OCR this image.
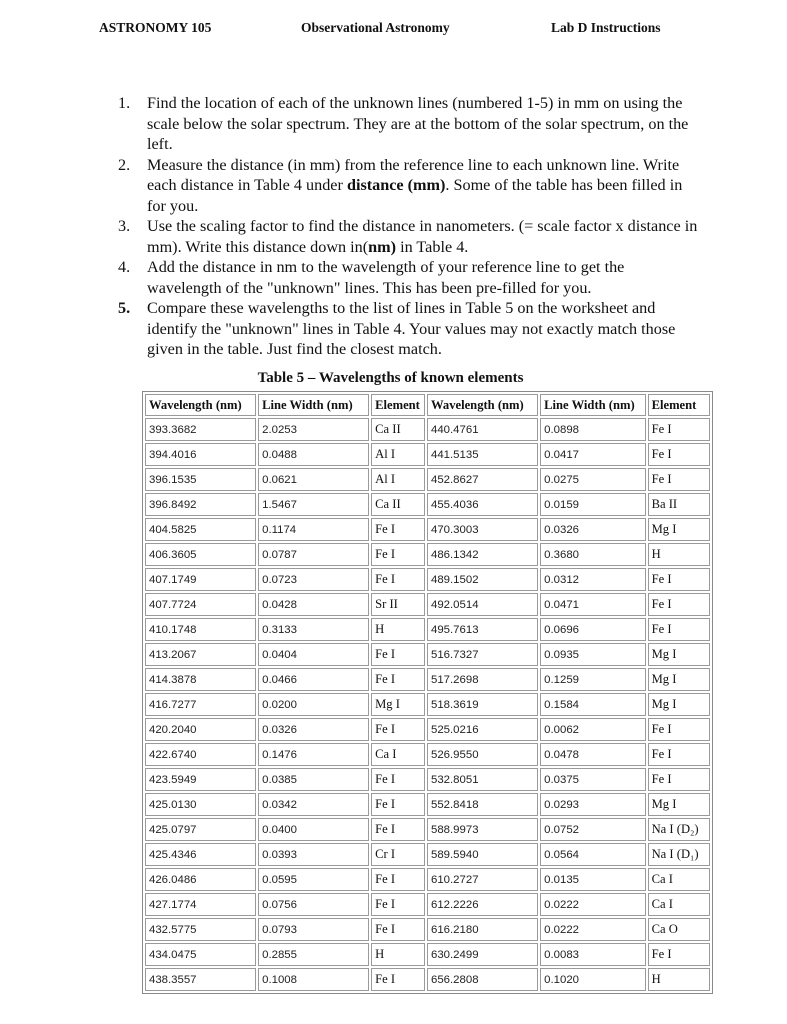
ASTRONOMY 105	Observational Astronomy	Lab D Instructions
1. Find the location of each of the unknown lines (numbered 1-5) in mm on using the scale below the solar spectrum. They are at the bottom of the solar spectrum, on the left.
2. Measure the distance (in mm) from the reference line to each unknown line. Write each distance in Table 4 under distance (mm). Some of the table has been filled in for you.
3. Use the scaling factor to find the distance in nanometers. (= scale factor x distance in mm). Write this distance down in(nm) in Table 4.
4. Add the distance in nm to the wavelength of your reference line to get the wavelength of the "unknown" lines. This has been pre-filled for you.
5. Compare these wavelengths to the list of lines in Table 5 on the worksheet and identify the "unknown" lines in Table 4. Your values may not exactly match those given in the table. Just find the closest match.
Table 5 – Wavelengths of known elements
Wavelength (nm)	Line Width (nm)	Element	Wavelength (nm)	Line Width (nm)	Element
393.3682	2.0253	Ca II	440.4761	0.0898	Fe I
394.4016	0.0488	Al I	441.5135	0.0417	Fe I
396.1535	0.0621	Al I	452.8627	0.0275	Fe I
396.8492	1.5467	Ca II	455.4036	0.0159	Ba II
404.5825	0.1174	Fe I	470.3003	0.0326	Mg I
406.3605	0.0787	Fe I	486.1342	0.3680	H
407.1749	0.0723	Fe I	489.1502	0.0312	Fe I
407.7724	0.0428	Sr II	492.0514	0.0471	Fe I
410.1748	0.3133	H	495.7613	0.0696	Fe I
413.2067	0.0404	Fe I	516.7327	0.0935	Mg I
414.3878	0.0466	Fe I	517.2698	0.1259	Mg I
416.7277	0.0200	Mg I	518.3619	0.1584	Mg I
420.2040	0.0326	Fe I	525.0216	0.0062	Fe I
422.6740	0.1476	Ca I	526.9550	0.0478	Fe I
423.5949	0.0385	Fe I	532.8051	0.0375	Fe I
425.0130	0.0342	Fe I	552.8418	0.0293	Mg I
425.0797	0.0400	Fe I	588.9973	0.0752	Na I (D₂)
425.4346	0.0393	Cr I	589.5940	0.0564	Na I (D₁)
426.0486	0.0595	Fe I	610.2727	0.0135	Ca I
427.1774	0.0756	Fe I	612.2226	0.0222	Ca I
432.5775	0.0793	Fe I	616.2180	0.0222	Ca O
434.0475	0.2855	H	630.2499	0.0083	Fe I
438.3557	0.1008	Fe I	656.2808	0.1020	H
